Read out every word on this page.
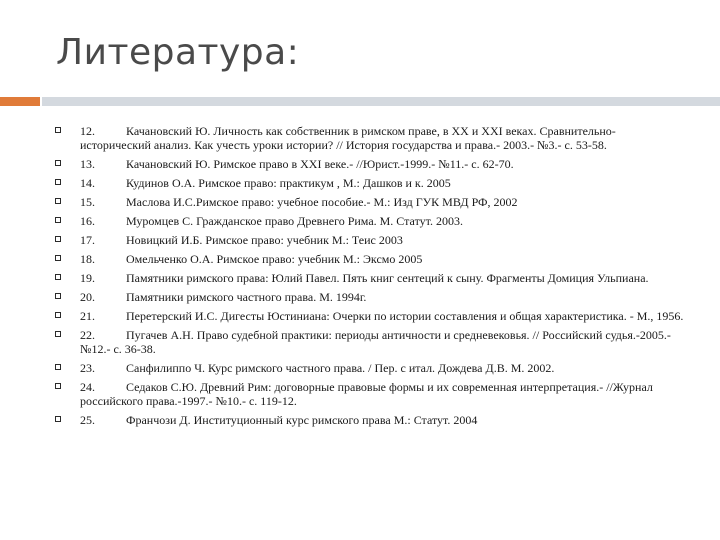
Литература:
12.	Качановский Ю. Личность как собственник в римском праве, в XX и XXI веках. Сравнительно-исторический анализ. Как учесть уроки истории? // История государства и права.- 2003.- №3.- с. 53-58.
13.	Качановский Ю. Римское право в XXI веке.- //Юрист.-1999.- №11.- с. 62-70.
14.	Кудинов О.А. Римское право: практикум , М.: Дашков и к. 2005
15.	Маслова И.С.Римское право: учебное пособие.- М.: Изд ГУК МВД РФ, 2002
16.	Муромцев С. Гражданское право Древнего Рима. М. Статут. 2003.
17.	Новицкий И.Б. Римское право: учебник М.: Теис 2003
18.	Омельченко О.А. Римское право: учебник М.: Эксмо 2005
19.	Памятники римского права: Юлий Павел. Пять книг сентеций к сыну. Фрагменты Домиция Ульпиана.
20.	Памятники римского частного права. М. 1994г.
21.	Перетерский И.С. Дигесты Юстиниана: Очерки по истории составления и общая характеристика. - М., 1956.
22.	Пугачев А.Н. Право судебной практики: периоды античности и средневековья. // Российский судья.-2005.- №12.- с. 36-38.
23.	Санфилиппо Ч. Курс римского частного права. / Пер. с итал. Дождева Д.В. М. 2002.
24.	Седаков С.Ю. Древний Рим: договорные правовые формы и их современная интерпретация.- //Журнал российского права.-1997.- №10.- с. 119-12.
25.	Франчози Д. Институционный курс римского права М.: Статут. 2004
